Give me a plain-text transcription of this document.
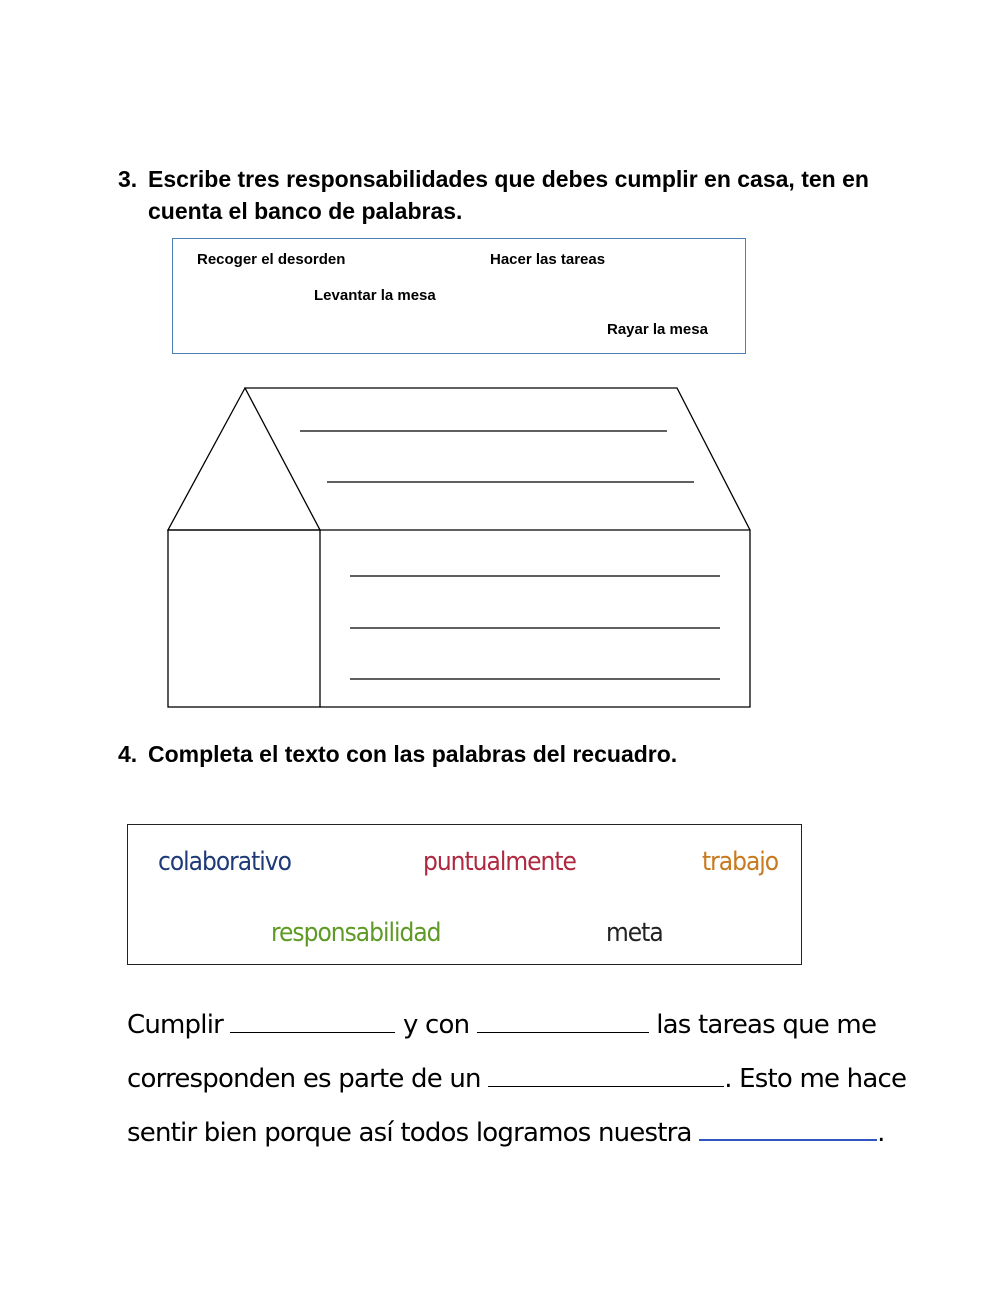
3. Escribe tres responsabilidades que debes cumplir en casa, ten en cuenta el banco de palabras.
Recoger el desorden	Hacer las tareas
Levantar la mesa
Rayar la mesa
4. Completa el texto con las palabras del recuadro.
colaborativo	puntualmente	trabajo
responsabilidad	meta
Cumplir	y con	las tareas que me
corresponden es parte de un	. Esto me hace
sentir bien porque así todos logramos nuestra	.
